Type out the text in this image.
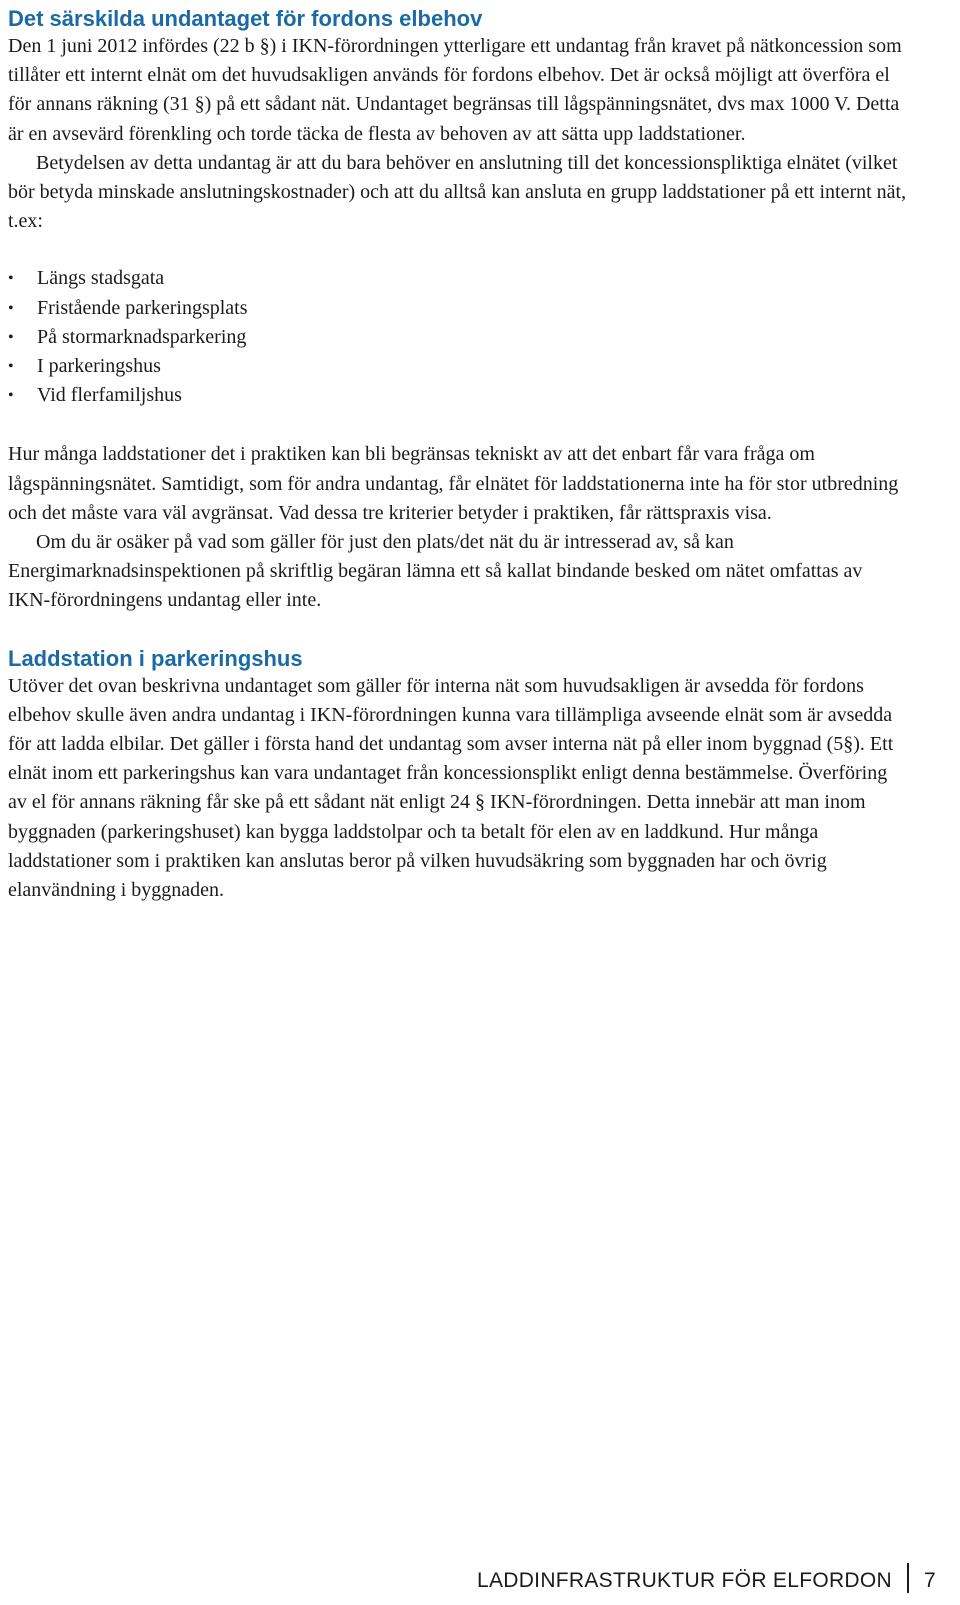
Det särskilda undantaget för fordons elbehov

Den 1 juni 2012 infördes (22 b §) i IKN-förordningen ytterligare ett undantag från kravet på nätkoncession som tillåter ett internt elnät om det huvudsakligen används för fordons elbehov. Det är också möjligt att överföra el för annans räkning (31 §) på ett sådant nät. Undantaget begränsas till lågspänningsnätet, dvs max 1000 V. Detta är en avsevärd förenkling och torde täcka de flesta av behoven av att sätta upp laddstationer.

Betydelsen av detta undantag är att du bara behöver en anslutning till det koncessionspliktiga elnätet (vilket bör betyda minskade anslutningskostnader) och att du alltså kan ansluta en grupp laddstationer på ett internt nät, t.ex:

• Längs stadsgata
• Fristående parkeringsplats
• På stormarknadsparkering
• I parkeringshus
• Vid flerfamiljshus

Hur många laddstationer det i praktiken kan bli begränsas tekniskt av att det enbart får vara fråga om lågspänningsnätet. Samtidigt, som för andra undantag, får elnätet för laddstationerna inte ha för stor utbredning och det måste vara väl avgränsat. Vad dessa tre kriterier betyder i praktiken, får rättspraxis visa.

Om du är osäker på vad som gäller för just den plats/det nät du är intresserad av, så kan Energimarknadsinspektionen på skriftlig begäran lämna ett så kallat bindande besked om nätet omfattas av IKN-förordningens undantag eller inte.

Laddstation i parkeringshus

Utöver det ovan beskrivna undantaget som gäller för interna nät som huvudsakligen är avsedda för fordons elbehov skulle även andra undantag i IKN-förordningen kunna vara tillämpliga avseende elnät som är avsedda för att ladda elbilar. Det gäller i första hand det undantag som avser interna nät på eller inom byggnad (5§). Ett elnät inom ett parkeringshus kan vara undantaget från koncessionsplikt enligt denna bestämmelse. Överföring av el för annans räkning får ske på ett sådant nät enligt 24 § IKN-förordningen. Detta innebär att man inom byggnaden (parkeringshuset) kan bygga laddstolpar och ta betalt för elen av en laddkund. Hur många laddstationer som i praktiken kan anslutas beror på vilken huvudsäkring som byggnaden har och övrig elanvändning i byggnaden.

LADDINFRASTRUKTUR FÖR ELFORDON 7
